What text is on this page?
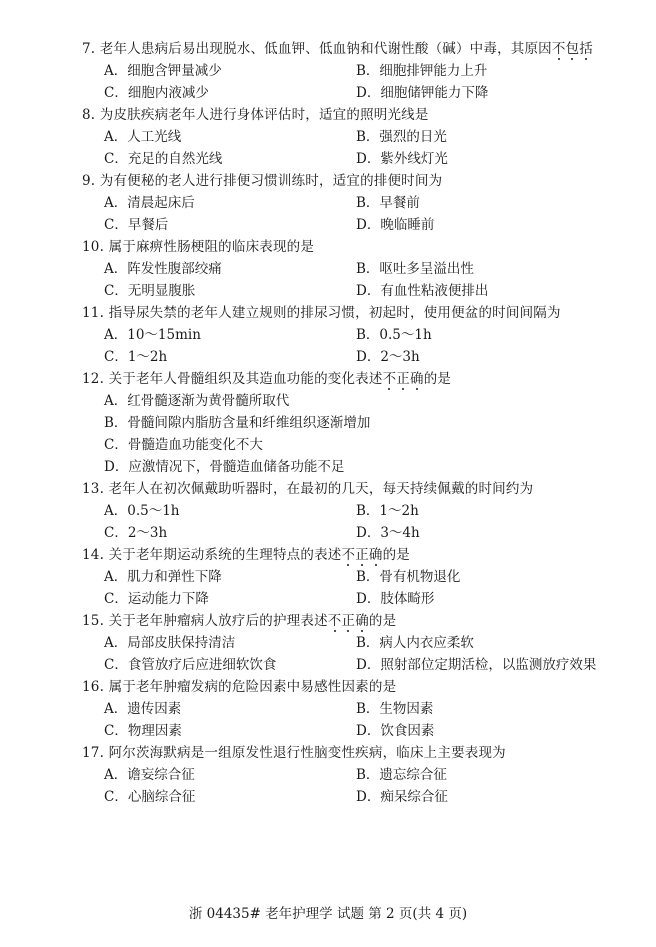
7. 老年人患病后易出现脱水、低血钾、低血钠和代谢性酸（碱）中毒，其原因不包括
A．细胞含钾量减少	B．细胞排钾能力上升
C．细胞内液减少	D．细胞储钾能力下降
8. 为皮肤疾病老年人进行身体评估时，适宜的照明光线是
A．人工光线	B．强烈的日光
C．充足的自然光线	D．紫外线灯光
9. 为有便秘的老人进行排便习惯训练时，适宜的排便时间为
A．清晨起床后	B．早餐前
C．早餐后	D．晚临睡前
10. 属于麻痹性肠梗阻的临床表现的是
A．阵发性腹部绞痛	B．呕吐多呈溢出性
C．无明显腹胀	D．有血性粘液便排出
11. 指导尿失禁的老年人建立规则的排尿习惯，初起时，使用便盆的时间间隔为
A．10～15min	B．0.5～1h
C．1～2h	D．2～3h
12. 关于老年人骨髓组织及其造血功能的变化表述不正确的是
A．红骨髓逐渐为黄骨髓所取代
B．骨髓间隙内脂肪含量和纤维组织逐渐增加
C．骨髓造血功能变化不大
D．应激情况下，骨髓造血储备功能不足
13. 老年人在初次佩戴助听器时，在最初的几天，每天持续佩戴的时间约为
A．0.5～1h	B．1～2h
C．2～3h	D．3～4h
14. 关于老年期运动系统的生理特点的表述不正确的是
A．肌力和弹性下降	B．骨有机物退化
C．运动能力下降	D．肢体畸形
15. 关于老年肿瘤病人放疗后的护理表述不正确的是
A．局部皮肤保持清洁	B．病人内衣应柔软
C．食管放疗后应进细软饮食	D．照射部位定期活检，以监测放疗效果
16. 属于老年肿瘤发病的危险因素中易感性因素的是
A．遗传因素	B．生物因素
C．物理因素	D．饮食因素
17. 阿尔茨海默病是一组原发性退行性脑变性疾病，临床上主要表现为
A．谵妄综合征	B．遗忘综合征
C．心脑综合征	D．痴呆综合征
浙 04435# 老年护理学 试题 第 2 页(共 4 页)
